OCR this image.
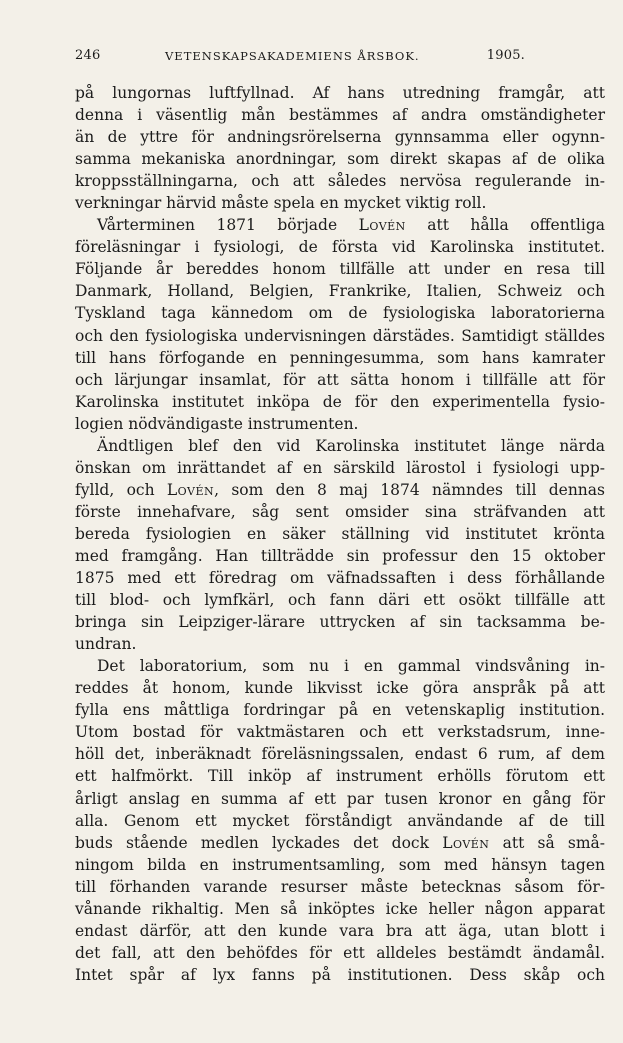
246	VETENSKAPSAKADEMIENS ÅRSBOK.	1905.
på lungornas luftfyllnad. Af hans utredning framgår, att
denna i väsentlig mån bestämmes af andra omständigheter
än de yttre för andningsrörelserna gynnsamma eller ogynn-
samma mekaniska anordningar, som direkt skapas af de olika
kroppsställningarna, och att således nervösa regulerande in-
verkningar härvid måste spela en mycket viktig roll.
Vårterminen 1871 började Lovén att hålla offentliga
föreläsningar i fysiologi, de första vid Karolinska institutet.
Följande år bereddes honom tillfälle att under en resa till
Danmark, Holland, Belgien, Frankrike, Italien, Schweiz och
Tyskland taga kännedom om de fysiologiska laboratorierna
och den fysiologiska undervisningen därstädes. Samtidigt ställdes
till hans förfogande en penningesumma, som hans kamrater
och lärjungar insamlat, för att sätta honom i tillfälle att för
Karolinska institutet inköpa de för den experimentella fysio-
logien nödvändigaste instrumenten.
Ändtligen blef den vid Karolinska institutet länge närda
önskan om inrättandet af en särskild lärostol i fysiologi upp-
fylld, och Lovén, som den 8 maj 1874 nämndes till dennas
förste innehafvare, såg sent omsider sina sträfvanden att
bereda fysiologien en säker ställning vid institutet krönta
med framgång. Han tillträdde sin professur den 15 oktober
1875 med ett föredrag om väfnadssaften i dess förhållande
till blod- och lymfkärl, och fann däri ett osökt tillfälle att
bringa sin Leipziger-lärare uttrycken af sin tacksamma be-
undran.
Det laboratorium, som nu i en gammal vindsvåning in-
reddes åt honom, kunde likvisst icke göra anspråk på att
fylla ens måttliga fordringar på en vetenskaplig institution.
Utom bostad för vaktmästaren och ett verkstadsrum, inne-
höll det, inberäknadt föreläsningssalen, endast 6 rum, af dem
ett halfmörkt. Till inköp af instrument erhölls förutom ett
årligt anslag en summa af ett par tusen kronor en gång för
alla. Genom ett mycket förståndigt användande af de till
buds stående medlen lyckades det dock Lovén att så små-
ningom bilda en instrumentsamling, som med hänsyn tagen
till förhanden varande resurser måste betecknas såsom för-
vånande rikhaltig. Men så inköptes icke heller någon apparat
endast därför, att den kunde vara bra att äga, utan blott i
det fall, att den behöfdes för ett alldeles bestämdt ändamål.
Intet spår af lyx fanns på institutionen. Dess skåp och
